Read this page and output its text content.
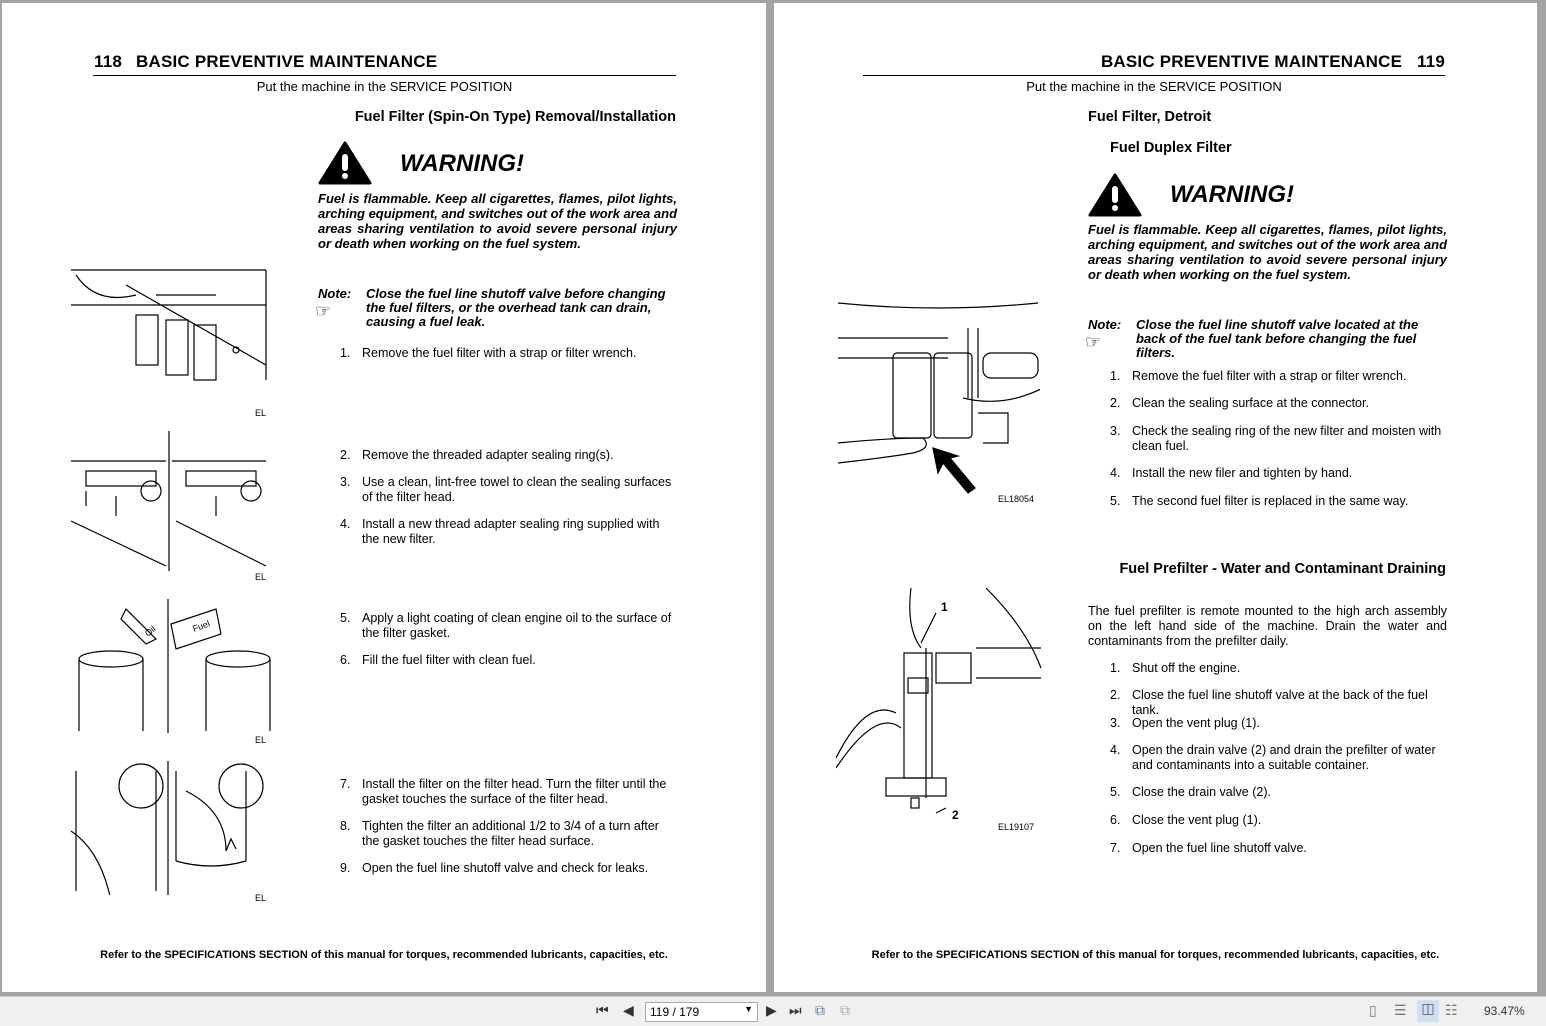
118 BASIC PREVENTIVE MAINTENANCE
Put the machine in the SERVICE POSITION
Fuel Filter (Spin-On Type) Removal/Installation
WARNING!
Fuel is flammable. Keep all cigarettes, flames, pilot lights, arching equipment, and switches out of the work area and areas sharing ventilation to avoid severe personal injury or death when working on the fuel system.
Note:
☞
Close the fuel line shutoff valve before changing the fuel filters, or the overhead tank can drain, causing a fuel leak.
1. Remove the fuel filter with a strap or filter wrench.
2. Remove the threaded adapter sealing ring(s).
3. Use a clean, lint-free towel to clean the sealing surfaces of the filter head.
4. Install a new thread adapter sealing ring supplied with the new filter.
5. Apply a light coating of clean engine oil to the surface of the filter gasket.
6. Fill the fuel filter with clean fuel.
7. Install the filter on the filter head. Turn the filter until the gasket touches the surface of the filter head.
8. Tighten the filter an additional 1/2 to 3/4 of a turn after the gasket touches the filter head surface.
9. Open the fuel line shutoff valve and check for leaks.
EL
EL
Oil	Fuel
EL
EL
Refer to the SPECIFICATIONS SECTION of this manual for torques, recommended lubricants, capacities, etc.
BASIC PREVENTIVE MAINTENANCE 119
Put the machine in the SERVICE POSITION
Fuel Filter, Detroit
Fuel Duplex Filter
WARNING!
Fuel is flammable. Keep all cigarettes, flames, pilot lights, arching equipment, and switches out of the work area and areas sharing ventilation to avoid severe personal injury or death when working on the fuel system.
Note:
☞
Close the fuel line shutoff valve located at the back of the fuel tank before changing the fuel filters.
1. Remove the fuel filter with a strap or filter wrench.
2. Clean the sealing surface at the connector.
3. Check the sealing ring of the new filter and moisten with clean fuel.
4. Install the new filer and tighten by hand.
5. The second fuel filter is replaced in the same way.
EL18054
Fuel Prefilter - Water and Contaminant Draining
The fuel prefilter is remote mounted to the high arch assembly on the left hand side of the machine. Drain the water and contaminants from the prefilter daily.
1. Shut off the engine.
2. Close the fuel line shutoff valve at the back of the fuel tank.
3. Open the vent plug (1).
4. Open the drain valve (2) and drain the prefilter of water and contaminants into a suitable container.
5. Close the drain valve (2).
6. Close the vent plug (1).
7. Open the fuel line shutoff valve.
1
2
EL19107
Refer to the SPECIFICATIONS SECTION of this manual for torques, recommended lubricants, capacities, etc.
⏮ ◀	119 / 179	▼ ▶ ⏭ ⧉ ⧉	▯ ☰	◫ ☷ 93.47%
